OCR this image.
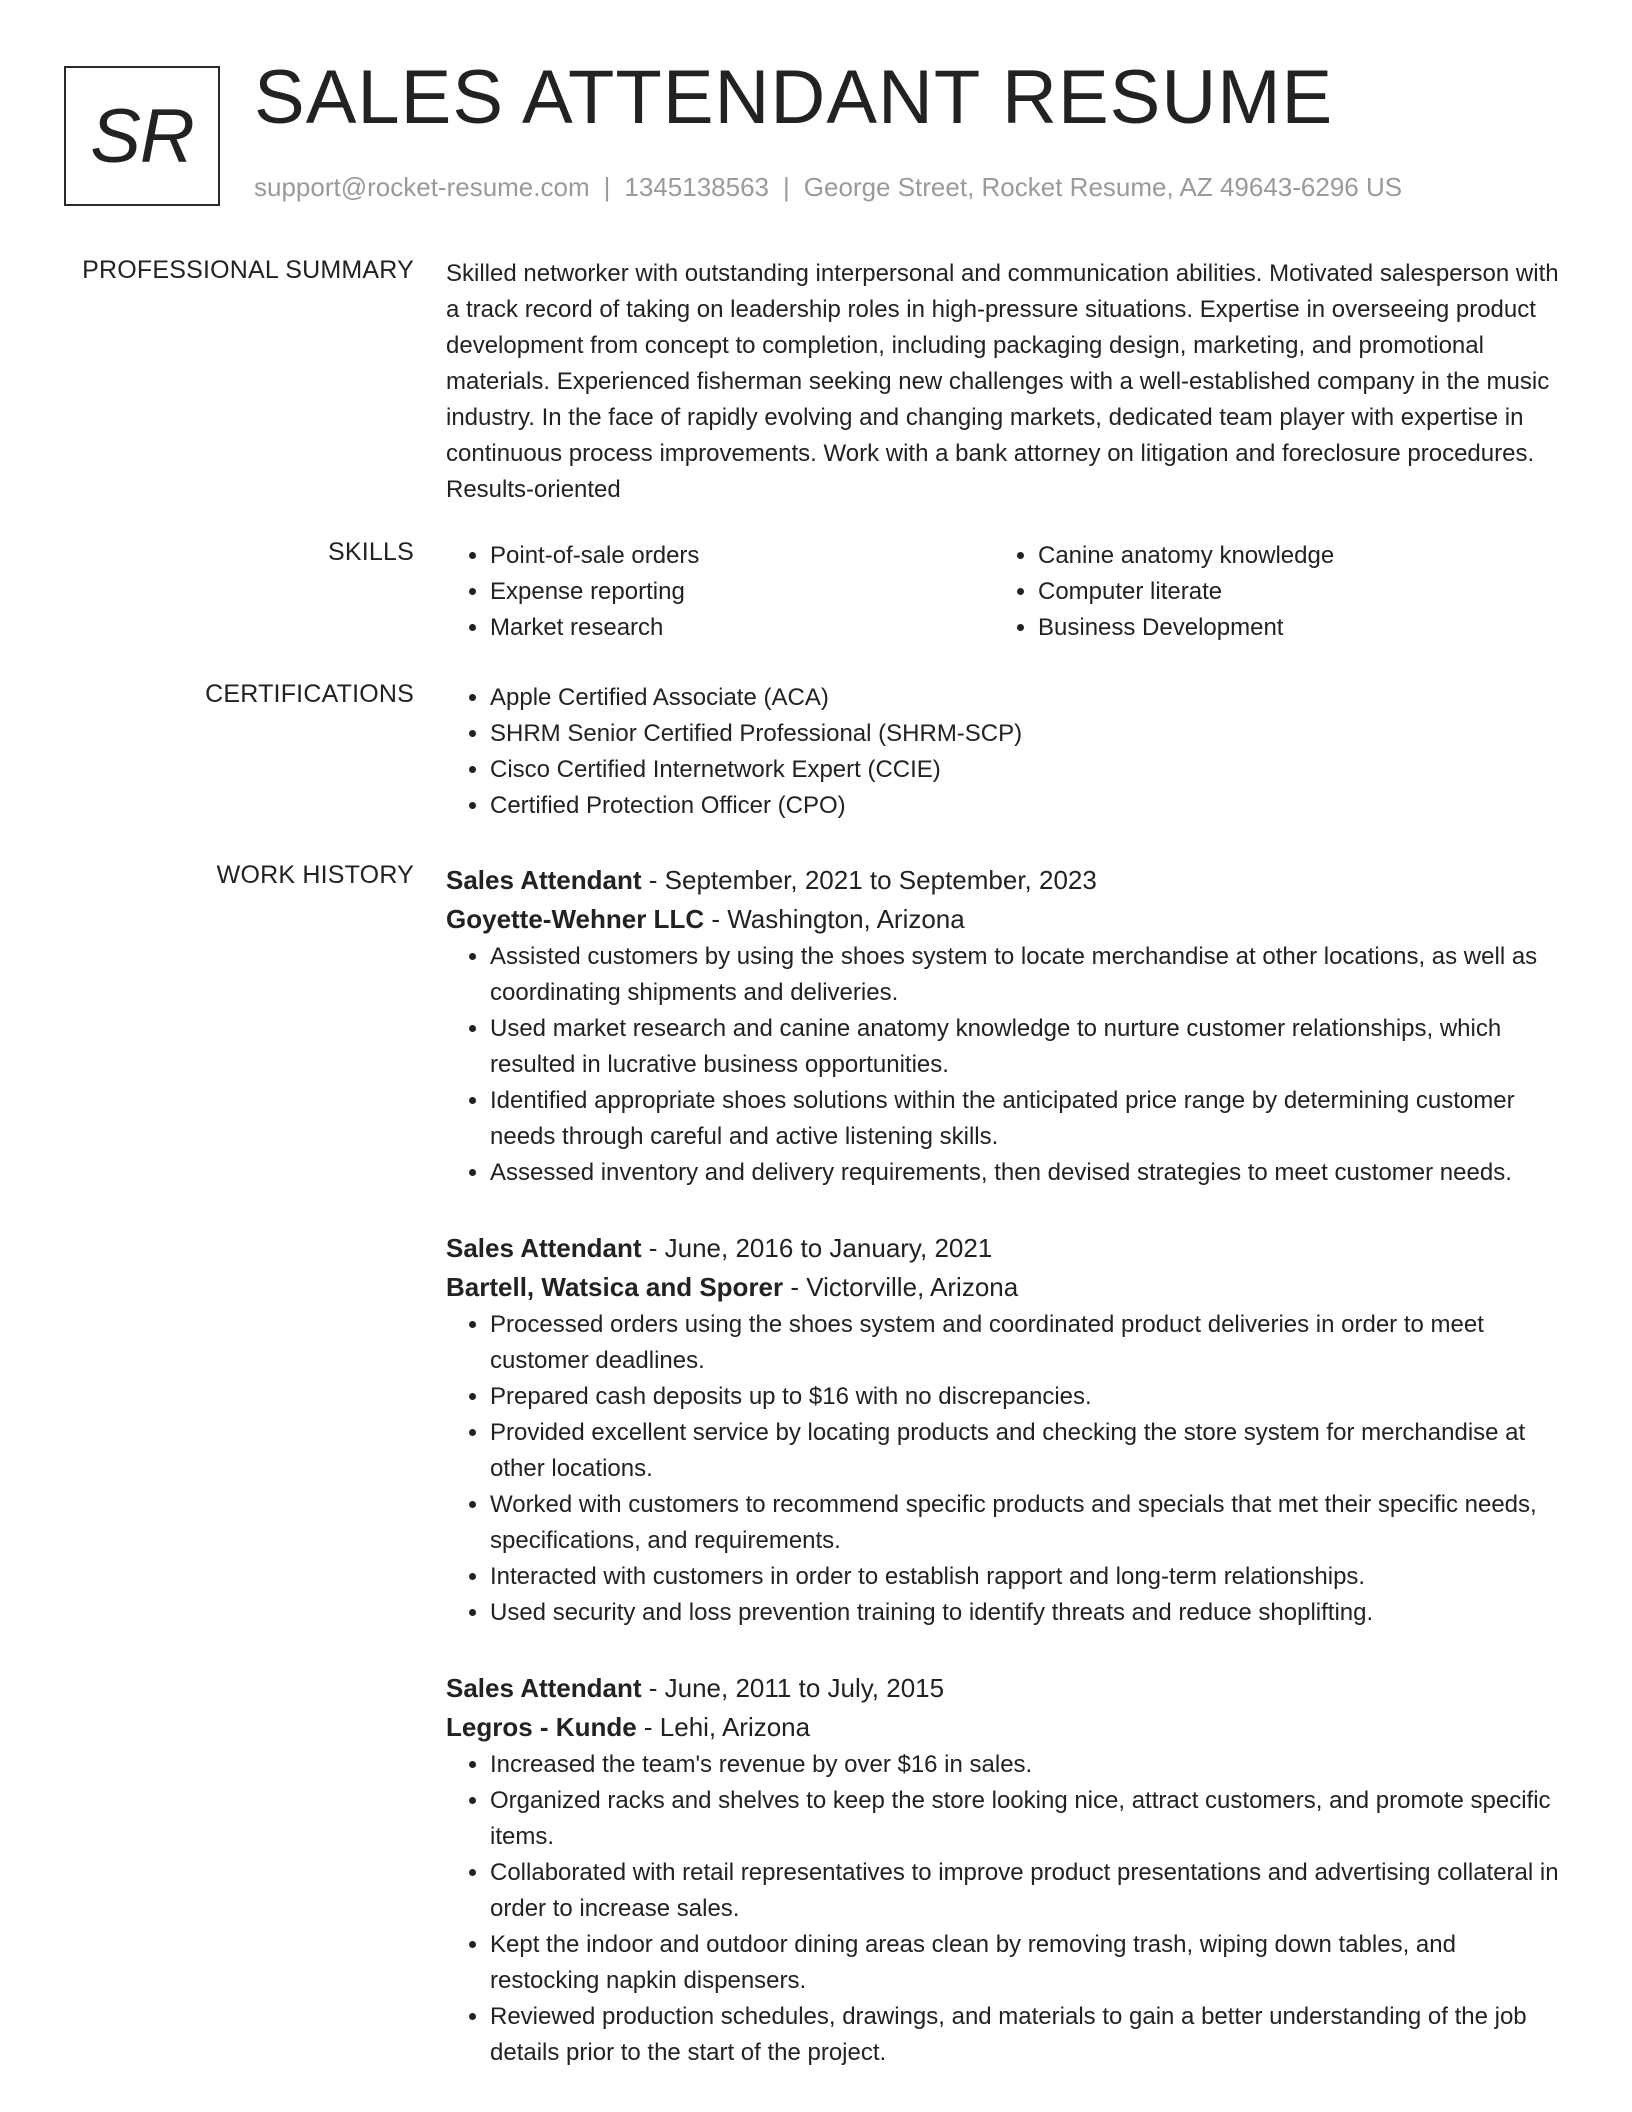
SR SALES ATTENDANT RESUME
support@rocket-resume.com | 1345138563 | George Street, Rocket Resume, AZ 49643-6296 US
PROFESSIONAL SUMMARY Skilled networker with outstanding interpersonal and communication abilities. Motivated salesperson with a track record of taking on leadership roles in high-pressure situations. Expertise in overseeing product development from concept to completion, including packaging design, marketing, and promotional materials. Experienced fisherman seeking new challenges with a well-established company in the music industry. In the face of rapidly evolving and changing markets, dedicated team player with expertise in continuous process improvements. Work with a bank attorney on litigation and foreclosure procedures. Results-oriented

SKILLS	• Point-of-sale orders
• Expense reporting
• Market research
• Canine anatomy knowledge
• Computer literate
• Business Development
CERTIFICATIONS	• Apple Certified Associate (ACA)
• SHRM Senior Certified Professional (SHRM-SCP)
• Cisco Certified Internetwork Expert (CCIE)
• Certified Protection Officer (CPO)
WORK HISTORY Sales Attendant - September, 2021 to September, 2023

Goyette-Wehner LLC - Washington, Arizona

• Assisted customers by using the shoes system to locate merchandise at other locations, as well as coordinating shipments and deliveries.
• Used market research and canine anatomy knowledge to nurture customer relationships, which resulted in lucrative business opportunities.
• Identified appropriate shoes solutions within the anticipated price range by determining customer needs through careful and active listening skills.
• Assessed inventory and delivery requirements, then devised strategies to meet customer needs.

Sales Attendant - June, 2016 to January, 2021

Bartell, Watsica and Sporer - Victorville, Arizona

• Processed orders using the shoes system and coordinated product deliveries in order to meet customer deadlines.
• Prepared cash deposits up to $16 with no discrepancies.
• Provided excellent service by locating products and checking the store system for merchandise at other locations.
• Worked with customers to recommend specific products and specials that met their specific needs, specifications, and requirements.
• Interacted with customers in order to establish rapport and long-term relationships.
• Used security and loss prevention training to identify threats and reduce shoplifting.

Sales Attendant - June, 2011 to July, 2015

Legros - Kunde - Lehi, Arizona

• Increased the team's revenue by over $16 in sales.
• Organized racks and shelves to keep the store looking nice, attract customers, and promote specific items.
• Collaborated with retail representatives to improve product presentations and advertising collateral in order to increase sales.
• Kept the indoor and outdoor dining areas clean by removing trash, wiping down tables, and restocking napkin dispensers.
• Reviewed production schedules, drawings, and materials to gain a better understanding of the job details prior to the start of the project.
